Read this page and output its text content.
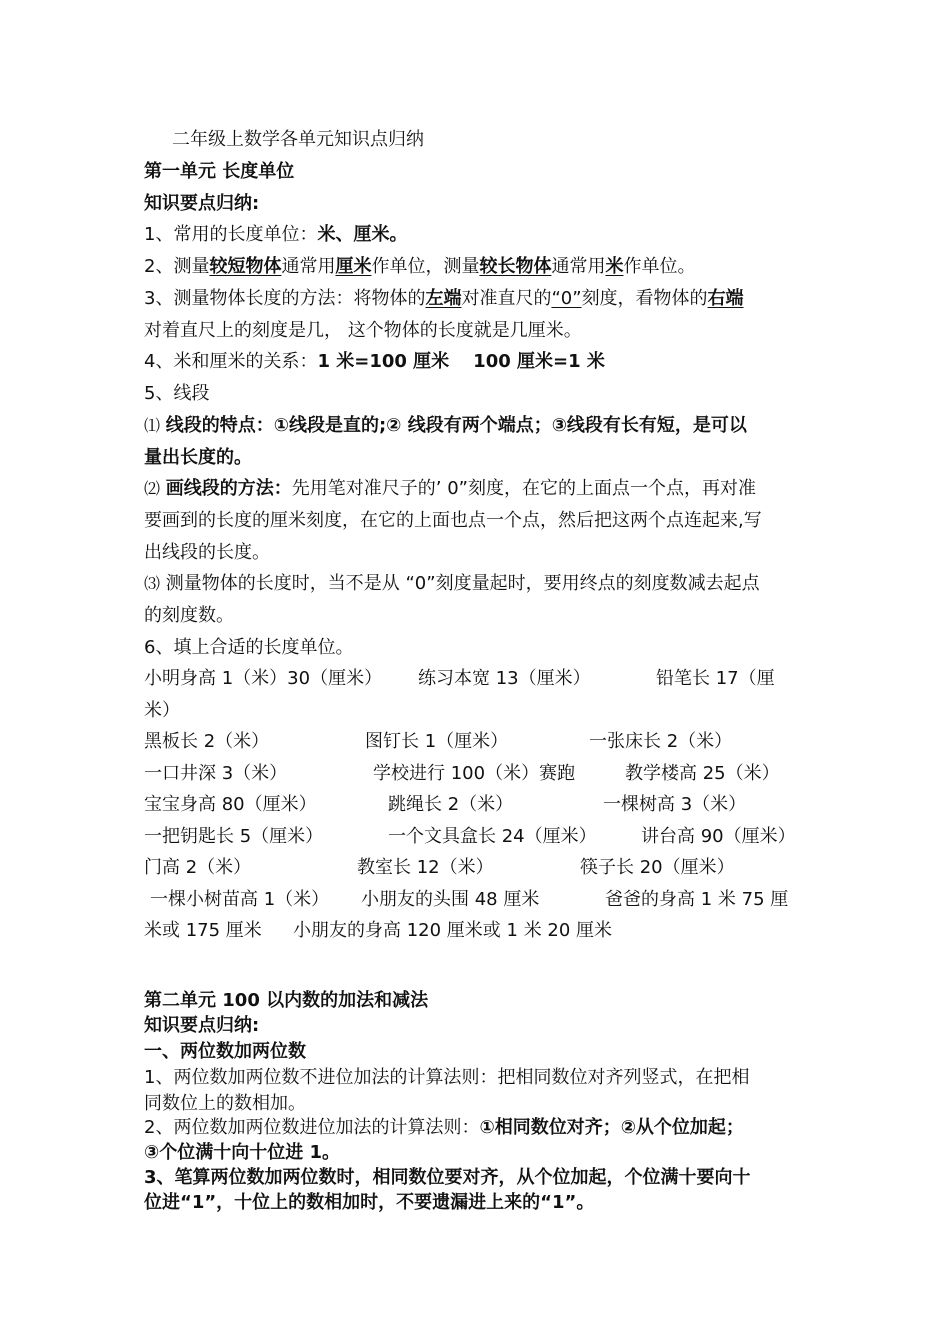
二年级上数学各单元知识点归纳
第一单元 长度单位
知识要点归纳:
1、常用的长度单位：米、厘米。
2、测量较短物体通常用厘米作单位，测量较长物体通常用米作单位。
3、测量物体长度的方法：将物体的左端对准直尺的“0”刻度，看物体的右端
对着直尺上的刻度是几， 这个物体的长度就是几厘米。
4、米和厘米的关系：1 米=100 厘米 100 厘米=1 米
5、线段
⑴ 线段的特点：①线段是直的;② 线段有两个端点；③线段有长有短，是可以
量出长度的。
⑵ 画线段的方法：先用笔对准尺子的’ 0”刻度，在它的上面点一个点，再对准
要画到的长度的厘米刻度，在它的上面也点一个点，然后把这两个点连起来,写
出线段的长度。
⑶ 测量物体的长度时，当不是从 “0”刻度量起时，要用终点的刻度数减去起点
的刻度数。
6、填上合适的长度单位。
小明身高 1（米）30（厘米） 练习本宽 13（厘米）	铅笔长 17（厘
米）
黑板长 2（米）	图钉长 1（厘米）	一张床长 2（米）
一口井深 3（米）	学校进行 100（米）赛跑	教学楼高 25（米）
宝宝身高 80（厘米）	跳绳长 2（米）	一棵树高 3（米）
一把钥匙长 5（厘米）	一个文具盒长 24（厘米） 讲台高 90（厘米）
门高 2（米）	教室长 12（米）	筷子长 20（厘米）
一棵小树苗高 1（米） 小朋友的头围 48 厘米	爸爸的身高 1 米 75 厘
米或 175 厘米 小朋友的身高 120 厘米或 1 米 20 厘米
第二单元 100 以内数的加法和减法
知识要点归纳:
一、两位数加两位数
1、两位数加两位数不进位加法的计算法则：把相同数位对齐列竖式，在把相
同数位上的数相加。
2、两位数加两位数进位加法的计算法则：①相同数位对齐；②从个位加起；
③个位满十向十位进 1。
3、笔算两位数加两位数时，相同数位要对齐，从个位加起，个位满十要向十
位进“1”，十位上的数相加时，不要遗漏进上来的“1”。
